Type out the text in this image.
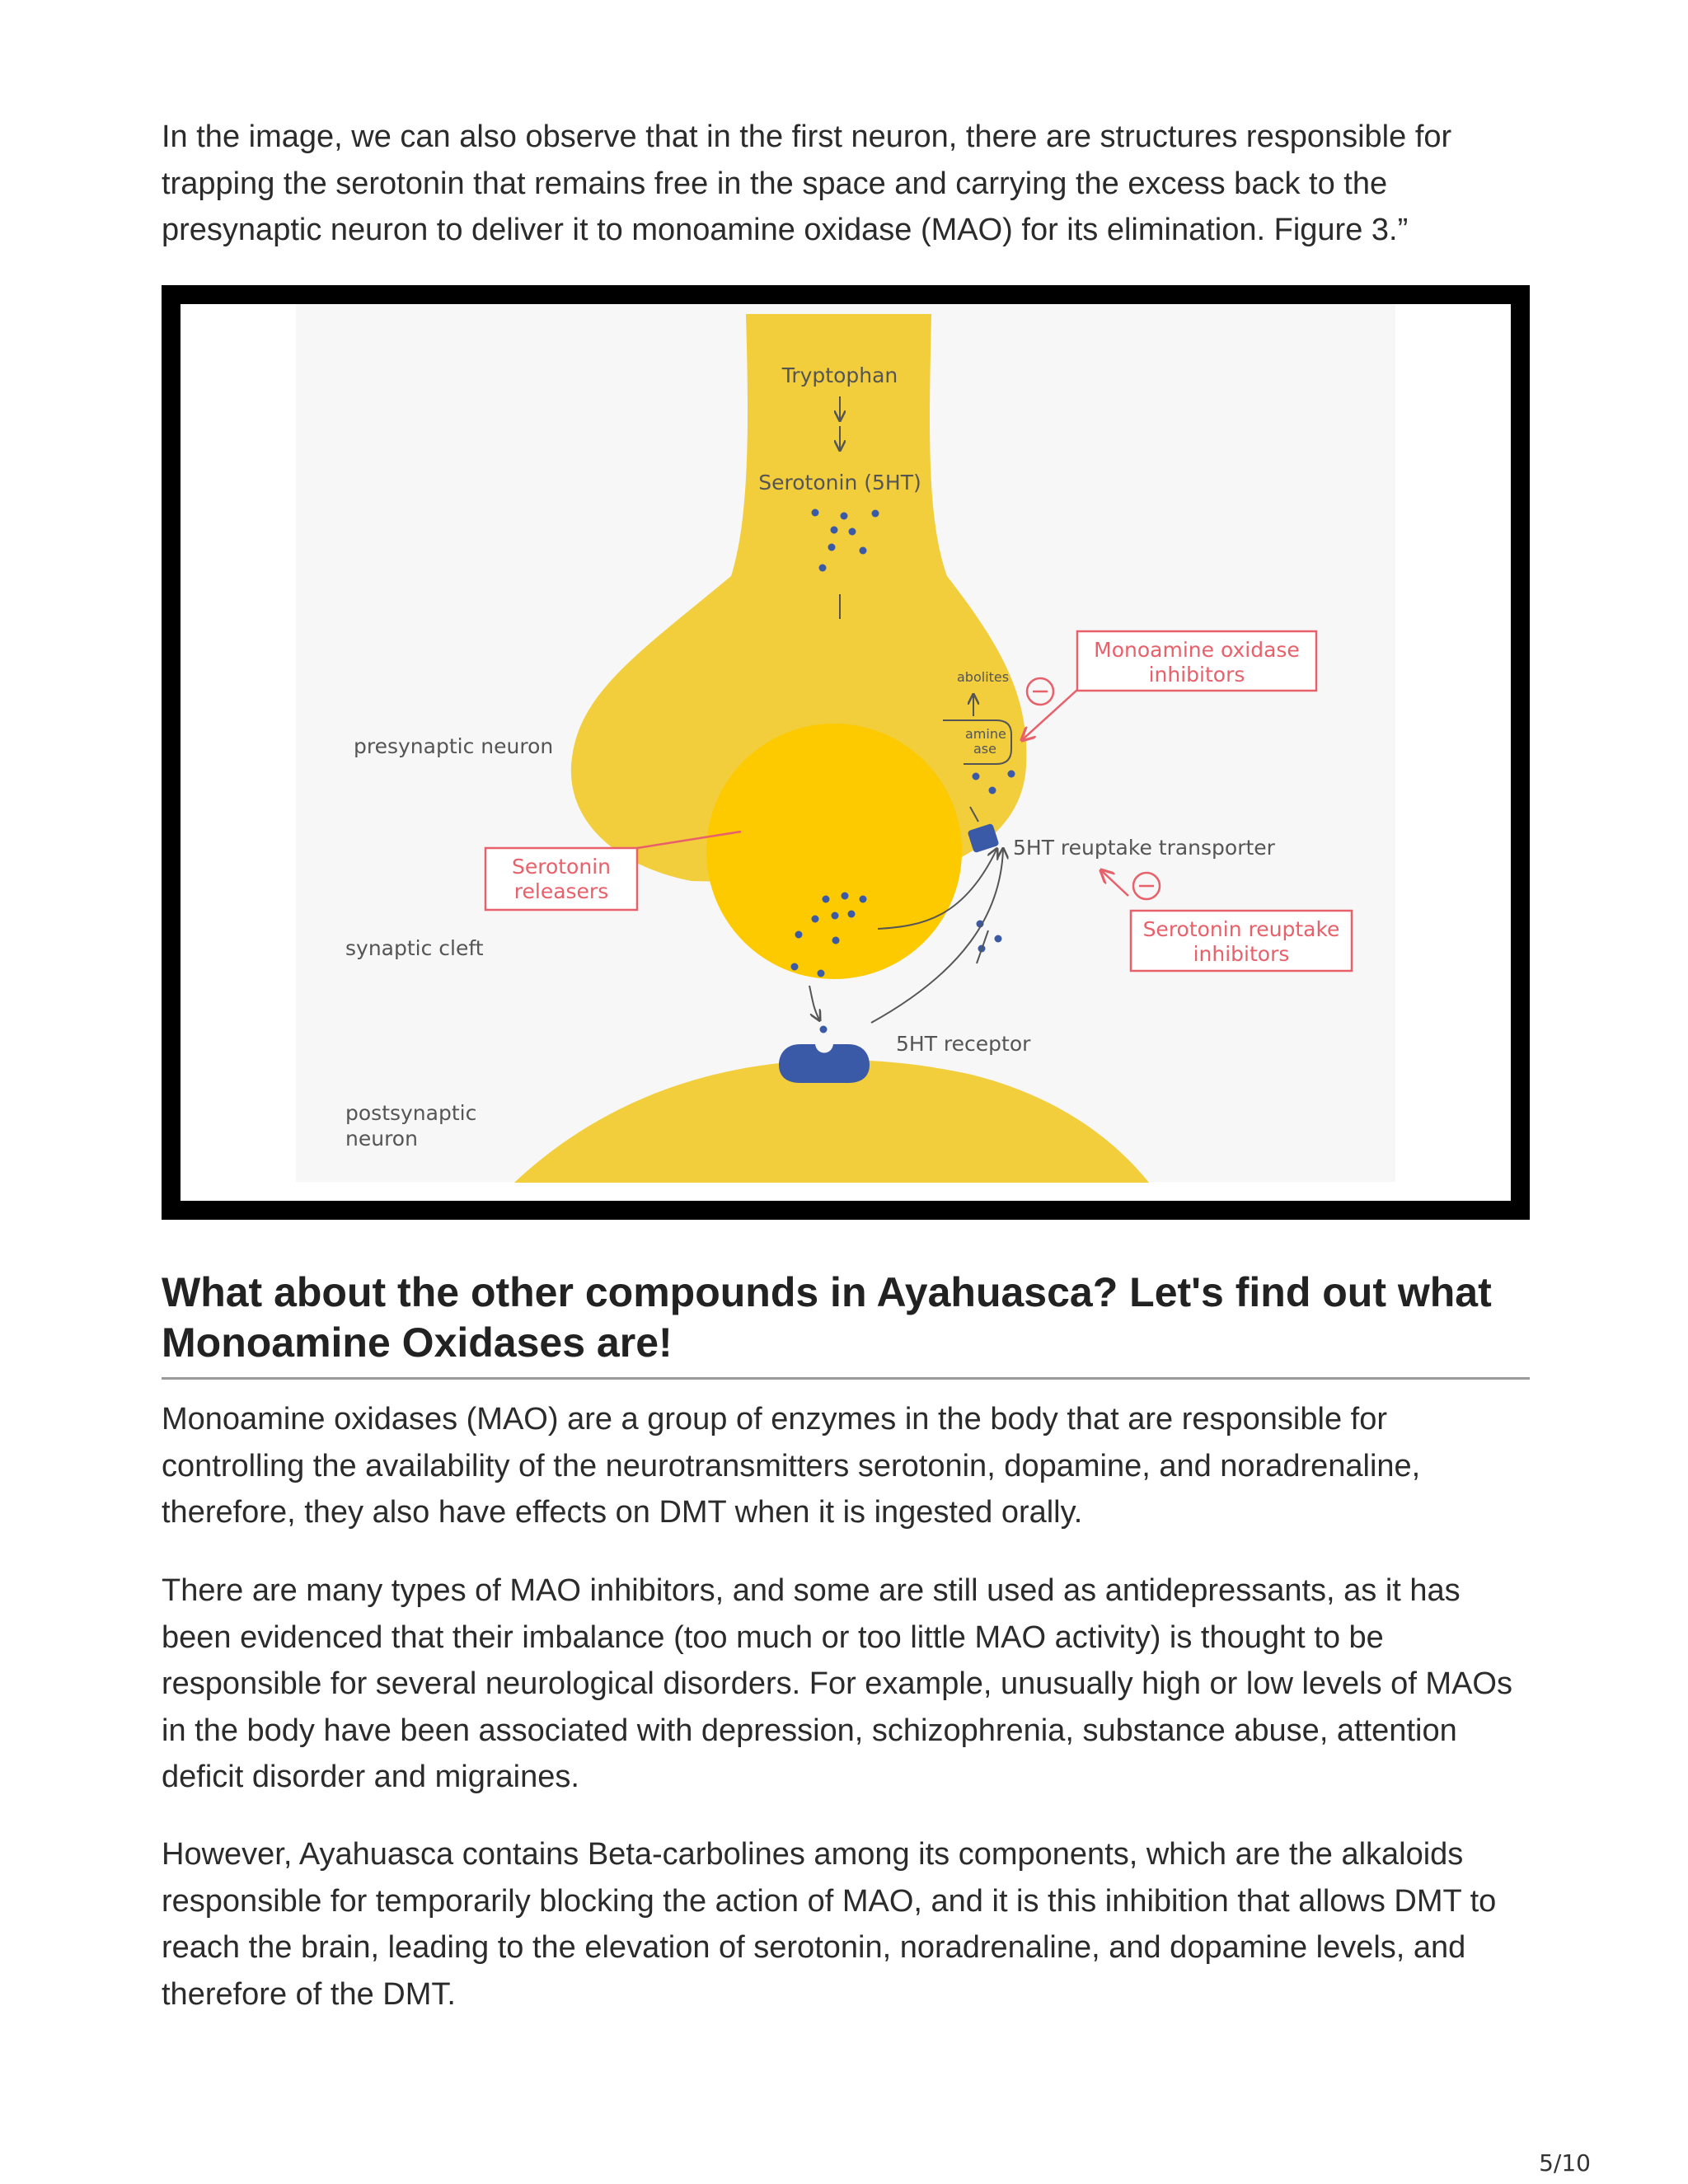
In the image, we can also observe that in the first neuron, there are structures responsible for trapping the serotonin that remains free in the space and carrying the excess back to the presynaptic neuron to deliver it to monoamine oxidase (MAO) for its elimination. Figure 3.”

Tryptophan
Serotonin (5HT)
abolites
amine
ase
Monoamine oxidase
inhibitors
presynaptic neuron
synaptic cleft
postsynaptic
neuron
Serotonin
releasers
5HT reuptake transporter
Serotonin reuptake
inhibitors
5HT receptor
What about the other compounds in Ayahuasca? Let's find out what Monoamine Oxidases are!

Monoamine oxidases (MAO) are a group of enzymes in the body that are responsible for controlling the availability of the neurotransmitters serotonin, dopamine, and noradrenaline, therefore, they also have effects on DMT when it is ingested orally.

There are many types of MAO inhibitors, and some are still used as antidepressants, as it has been evidenced that their imbalance (too much or too little MAO activity) is thought to be responsible for several neurological disorders. For example, unusually high or low levels of MAOs in the body have been associated with depression, schizophrenia, substance abuse, attention deficit disorder and migraines.

However, Ayahuasca contains Beta-carbolines among its components, which are the alkaloids responsible for temporarily blocking the action of MAO, and it is this inhibition that allows DMT to reach the brain, leading to the elevation of serotonin, noradrenaline, and dopamine levels, and therefore of the DMT.

5/10
